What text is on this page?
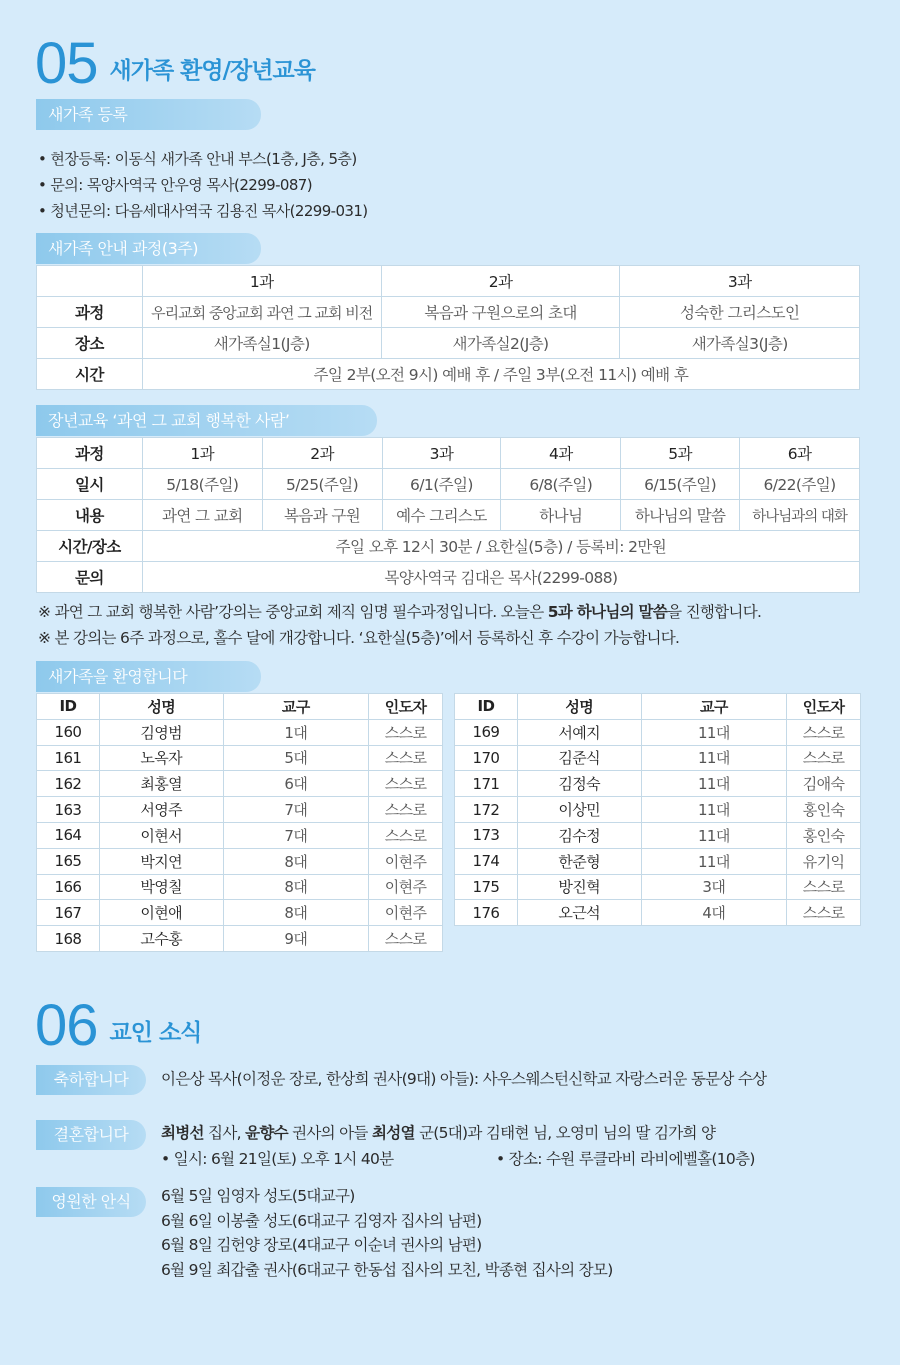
05 새가족 환영/장년교육
새가족 등록
• 현장등록: 이동식 새가족 안내 부스(1층, J층, 5층)
• 문의: 목양사역국 안우영 목사(2299-087)
• 청년문의: 다음세대사역국 김용진 목사(2299-031)
새가족 안내 과정(3주)
	1과	2과	3과
과정	우리교회 중앙교회 과연 그 교회 비전	복음과 구원으로의 초대	성숙한 그리스도인
장소	새가족실1(J층)	새가족실2(J층)	새가족실3(J층)
시간	주일 2부(오전 9시) 예배 후 / 주일 3부(오전 11시) 예배 후		
장년교육 ‘과연 그 교회 행복한 사람’
과정	1과	2과	3과	4과	5과	6과
일시	5/18(주일)	5/25(주일)	6/1(주일)	6/8(주일)	6/15(주일)	6/22(주일)
내용	과연 그 교회	복음과 구원	예수 그리스도	하나님	하나님의 말씀	하나님과의 대화
시간/장소	주일 오후 12시 30분 / 요한실(5층) / 등록비: 2만원					
문의	목양사역국 김대은 목사(2299-088)					
※ 과연 그 교회 행복한 사람’강의는 중앙교회 제직 임명 필수과정입니다. 오늘은 5과 하나님의 말씀을 진행합니다.
※ 본 강의는 6주 과정으로, 홀수 달에 개강합니다. ‘요한실(5층)’에서 등록하신 후 수강이 가능합니다.
새가족을 환영합니다
ID	성명	교구	인도자
160	김영범	1대	스스로
161	노옥자	5대	스스로
162	최홍열	6대	스스로
163	서영주	7대	스스로
164	이현서	7대	스스로
165	박지연	8대	이현주
166	박영칠	8대	이현주
167	이현애	8대	이현주
168	고수홍	9대	스스로
ID	성명	교구	인도자
169	서예지	11대	스스로
170	김준식	11대	스스로
171	김정숙	11대	김애숙
172	이상민	11대	홍인숙
173	김수정	11대	홍인숙
174	한준형	11대	유기익
175	방진혁	3대	스스로
176	오근석	4대	스스로
06 교인 소식
축하합니다	이은상 목사(이정운 장로, 한상희 권사(9대) 아들): 사우스웨스턴신학교 자랑스러운 동문상 수상
결혼합니다	최병선 집사, 윤향수 권사의 아들 최성열 군(5대)과 김태현 님, 오영미 님의 딸 김가희 양
• 일시: 6월 21일(토) 오후 1시 40분	• 장소: 수원 루클라비 라비에벨홀(10층)
영원한 안식	6월 5일 임영자 성도(5대교구)
6월 6일 이봉출 성도(6대교구 김영자 집사의 남편)
6월 8일 김헌양 장로(4대교구 이순녀 권사의 남편)
6월 9일 최갑출 권사(6대교구 한동섭 집사의 모친, 박종현 집사의 장모)
